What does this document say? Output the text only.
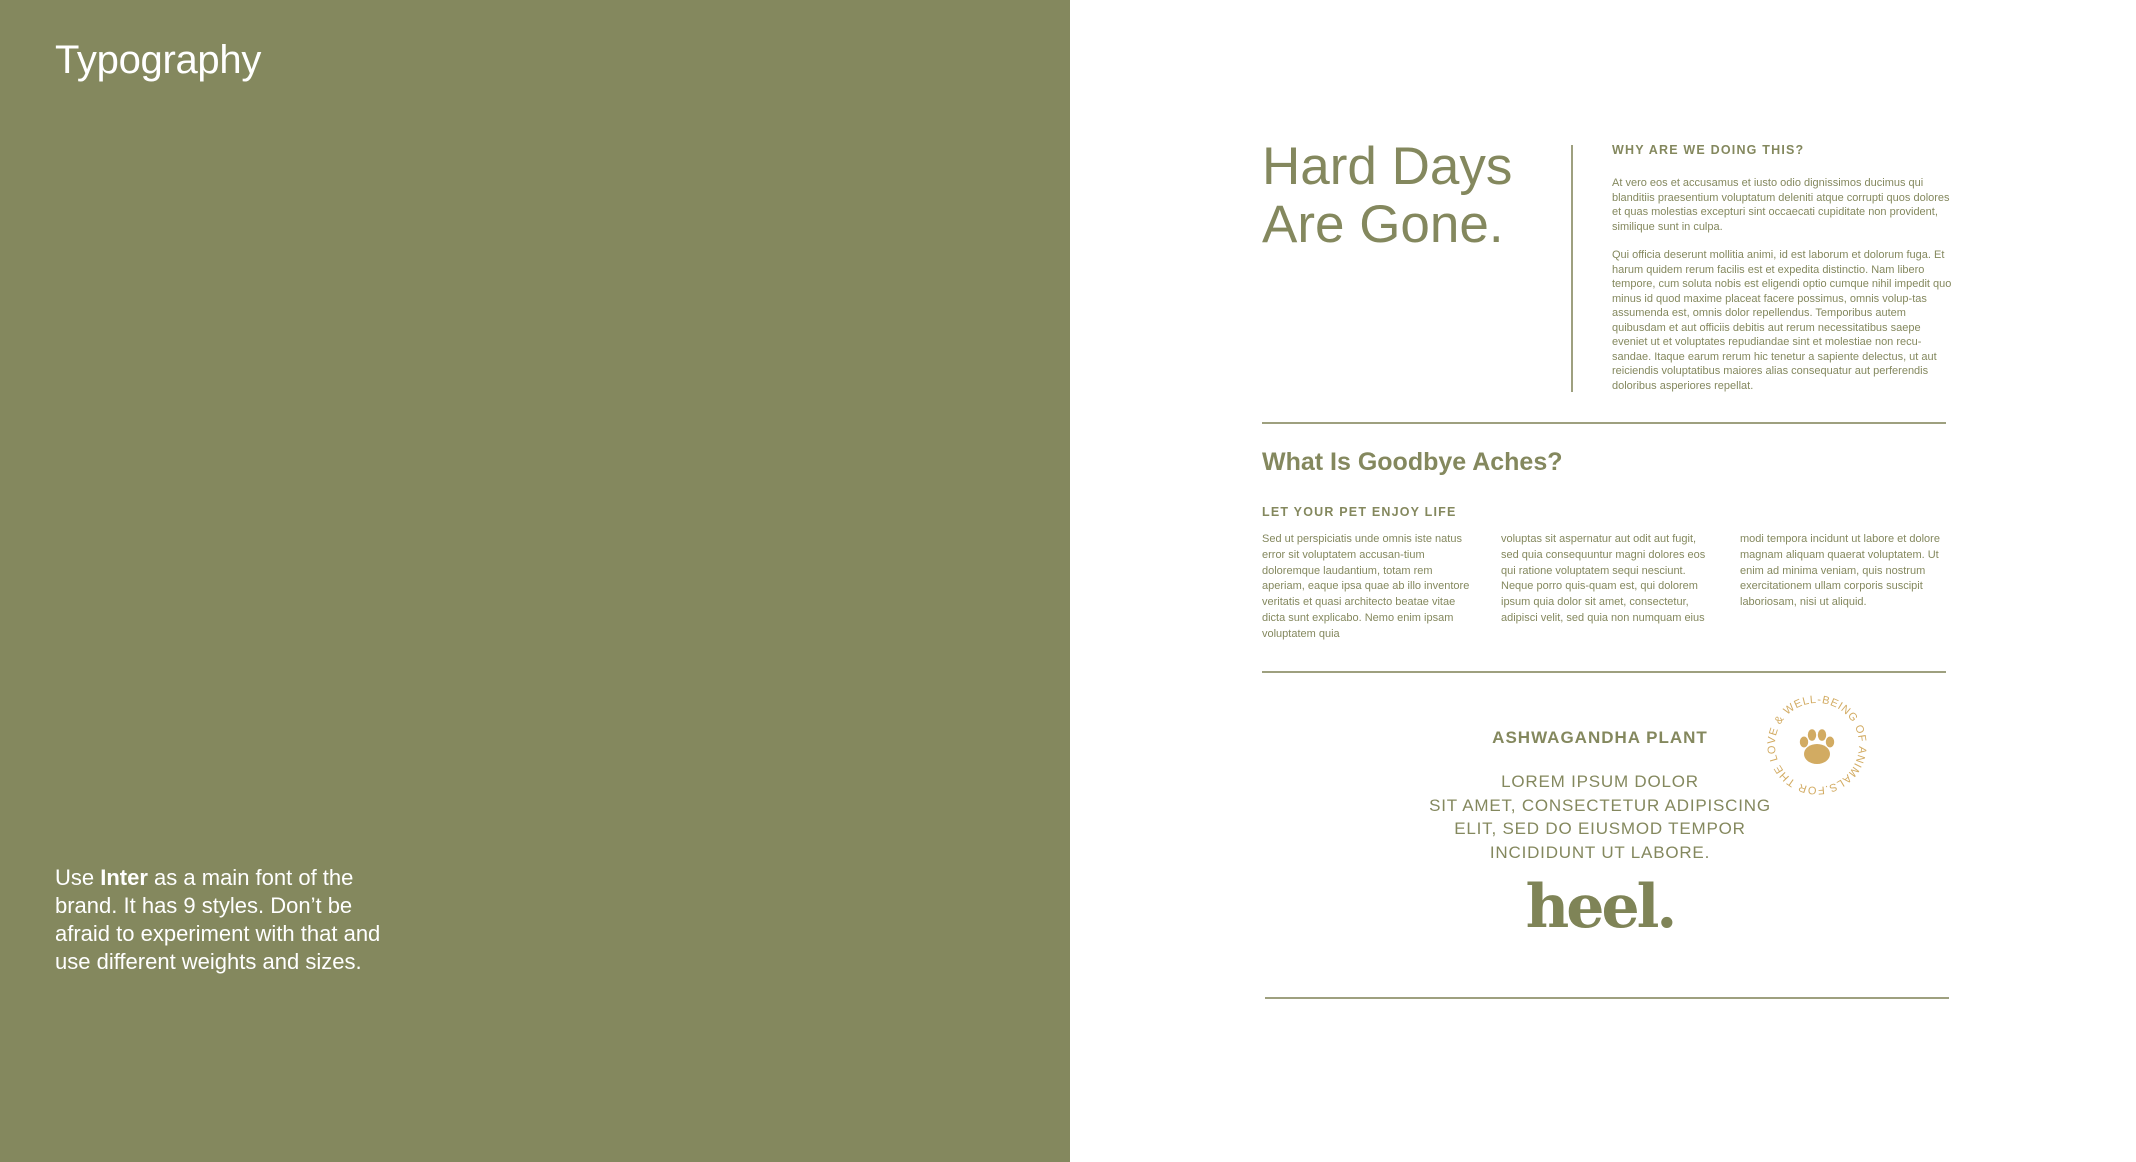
Typography

Use Inter as a main font of the brand. It has 9 styles. Don’t be afraid to experiment with that and use different weights and sizes.

Hard Days
Are Gone.
WHY ARE WE DOING THIS?

At vero eos et accusamus et iusto odio dignissimos ducimus qui blanditiis praesentium voluptatum deleniti atque corrupti quos dolores et quas molestias excepturi sint occaecati cupiditate non provident, similique sunt in culpa.

Qui officia deserunt mollitia animi, id est laborum et dolorum fuga. Et harum quidem rerum facilis est et expedita distinctio. Nam libero tempore, cum soluta nobis est eligendi optio cumque nihil impedit quo minus id quod maxime placeat facere possimus, omnis volup-tas assumenda est, omnis dolor repellendus. Temporibus autem quibusdam et aut officiis debitis aut rerum necessitatibus saepe eveniet ut et voluptates repudiandae sint et molestiae non recu-sandae. Itaque earum rerum hic tenetur a sapiente delectus, ut aut reiciendis voluptatibus maiores alias consequatur aut perferendis doloribus asperiores repellat.

What Is Goodbye Aches?
LET YOUR PET ENJOY LIFE

Sed ut perspiciatis unde omnis iste natus error sit voluptatem accusan-tium doloremque laudantium, totam rem aperiam, eaque ipsa quae ab illo inventore veritatis et quasi architecto beatae vitae dicta sunt explicabo. Nemo enim ipsam voluptatem quia

voluptas sit aspernatur aut odit aut fugit, sed quia consequuntur magni dolores eos qui ratione voluptatem sequi nesciunt. Neque porro quis-quam est, qui dolorem ipsum quia dolor sit amet, consectetur, adipisci velit, sed quia non numquam eius

modi tempora incidunt ut labore et dolore magnam aliquam quaerat voluptatem. Ut enim ad minima veniam, quis nostrum exercitationem ullam corporis suscipit laboriosam, nisi ut aliquid.

ASHWAGANDHA PLANT
LOREM IPSUM DOLOR
SIT AMET, CONSECTETUR ADIPISCING
ELIT, SED DO EIUSMOD TEMPOR
INCIDIDUNT UT LABORE.
FOR THE LOVE & WELL-BEING OF ANIMALS.
heel.
